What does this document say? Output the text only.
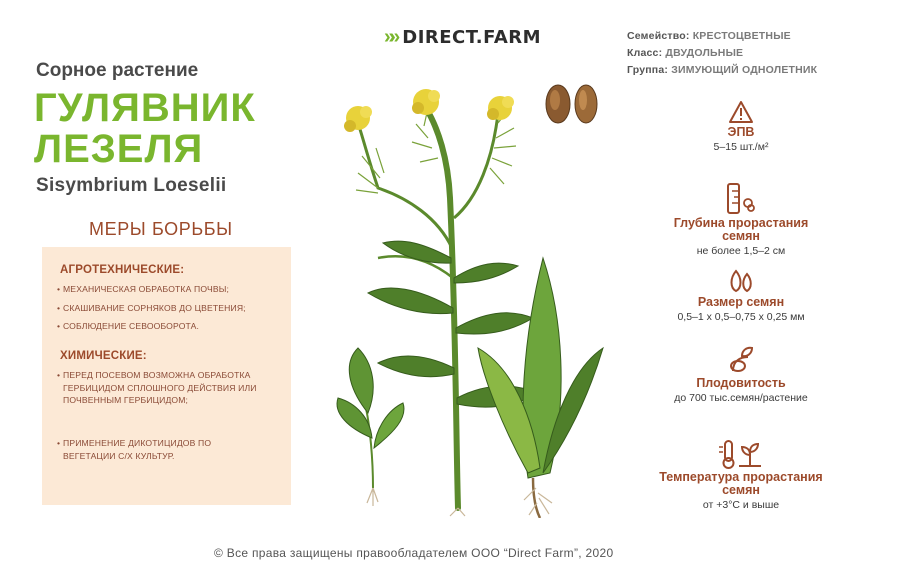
»» DIRECT.FARM
Сорное растение
ГУЛЯВНИК
ЛЕЗЕЛЯ
Sisymbrium Loeselii
МЕРЫ БОРЬБЫ
АГРОТЕХНИЧЕСКИЕ:
• МЕХАНИЧЕСКАЯ ОБРАБОТКА ПОЧВЫ;
• СКАШИВАНИЕ СОРНЯКОВ ДО ЦВЕТЕНИЯ;
• СОБЛЮДЕНИЕ СЕВООБОРОТА.
ХИМИЧЕСКИЕ:
• ПЕРЕД ПОСЕВОМ ВОЗМОЖНА ОБРАБОТКА ГЕРБИЦИДОМ СПЛОШНОГО ДЕЙСТВИЯ ИЛИ ПОЧВЕННЫМ ГЕРБИЦИДОМ;
• ПРИМЕНЕНИЕ ДИКОТИЦИДОВ ПО ВЕГЕТАЦИИ С/Х КУЛЬТУР.
Семейство: КРЕСТОЦВЕТНЫЕ
Класс: ДВУДОЛЬНЫЕ
Группа: ЗИМУЮЩИЙ ОДНОЛЕТНИК
ЭПВ
5–15 шт./м²
Глубина прорастания
семян
не более 1,5–2 см
Размер семян
0,5–1 х 0,5–0,75 х 0,25 мм
Плодовитость
до 700 тыс.семян/растение
Температура прорастания
семян
от +3°С и выше
© Все права защищены правообладателем ООО “Direct Farm”, 2020
